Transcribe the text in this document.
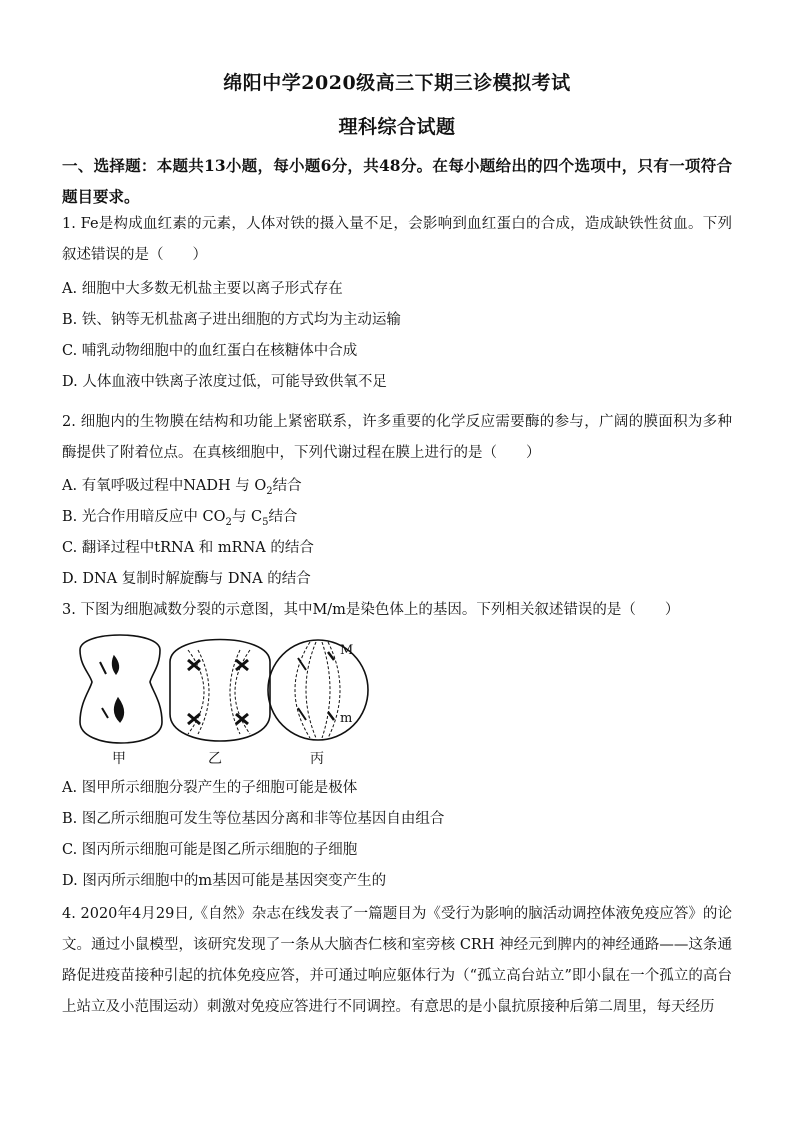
绵阳中学2020级高三下期三诊模拟考试
理科综合试题
一、选择题：本题共13小题，每小题6分，共48分。在每小题给出的四个选项中，只有一项符合题目要求。
1. Fe是构成血红素的元素，人体对铁的摄入量不足，会影响到血红蛋白的合成，造成缺铁性贫血。下列叙述错误的是（　　）
A. 细胞中大多数无机盐主要以离子形式存在
B. 铁、钠等无机盐离子进出细胞的方式均为主动运输
C. 哺乳动物细胞中的血红蛋白在核糖体中合成
D. 人体血液中铁离子浓度过低，可能导致供氧不足
2. 细胞内的生物膜在结构和功能上紧密联系，许多重要的化学反应需要酶的参与，广阔的膜面积为多种酶提供了附着位点。在真核细胞中，下列代谢过程在膜上进行的是（　　）
A. 有氧呼吸过程中NADH 与 $O_2$结合
B. 光合作用暗反应中 $CO_2$与 $C_5$结合
C. 翻译过程中tRNA 和 mRNA 的结合
D. DNA 复制时解旋酶与 DNA 的结合
3. 下图为细胞减数分裂的示意图，其中M/m是染色体上的基因。下列相关叙述错误的是（　　）
M
m
甲	乙	丙
A. 图甲所示细胞分裂产生的子细胞可能是极体
B. 图乙所示细胞可发生等位基因分离和非等位基因自由组合
C. 图丙所示细胞可能是图乙所示细胞的子细胞
D. 图丙所示细胞中的m基因可能是基因突变产生的
4. 2020年4月29日,《自然》杂志在线发表了一篇题目为《受行为影响的脑活动调控体液免疫应答》的论文。通过小鼠模型，该研究发现了一条从大脑杏仁核和室旁核 CRH 神经元到脾内的神经通路——这条通路促进疫苗接种引起的抗体免疫应答，并可通过响应躯体行为（“孤立高台站立”即小鼠在一个孤立的高台上站立及小范围运动）刺激对免疫应答进行不同调控。有意思的是小鼠抗原接种后第二周里，每天经历
